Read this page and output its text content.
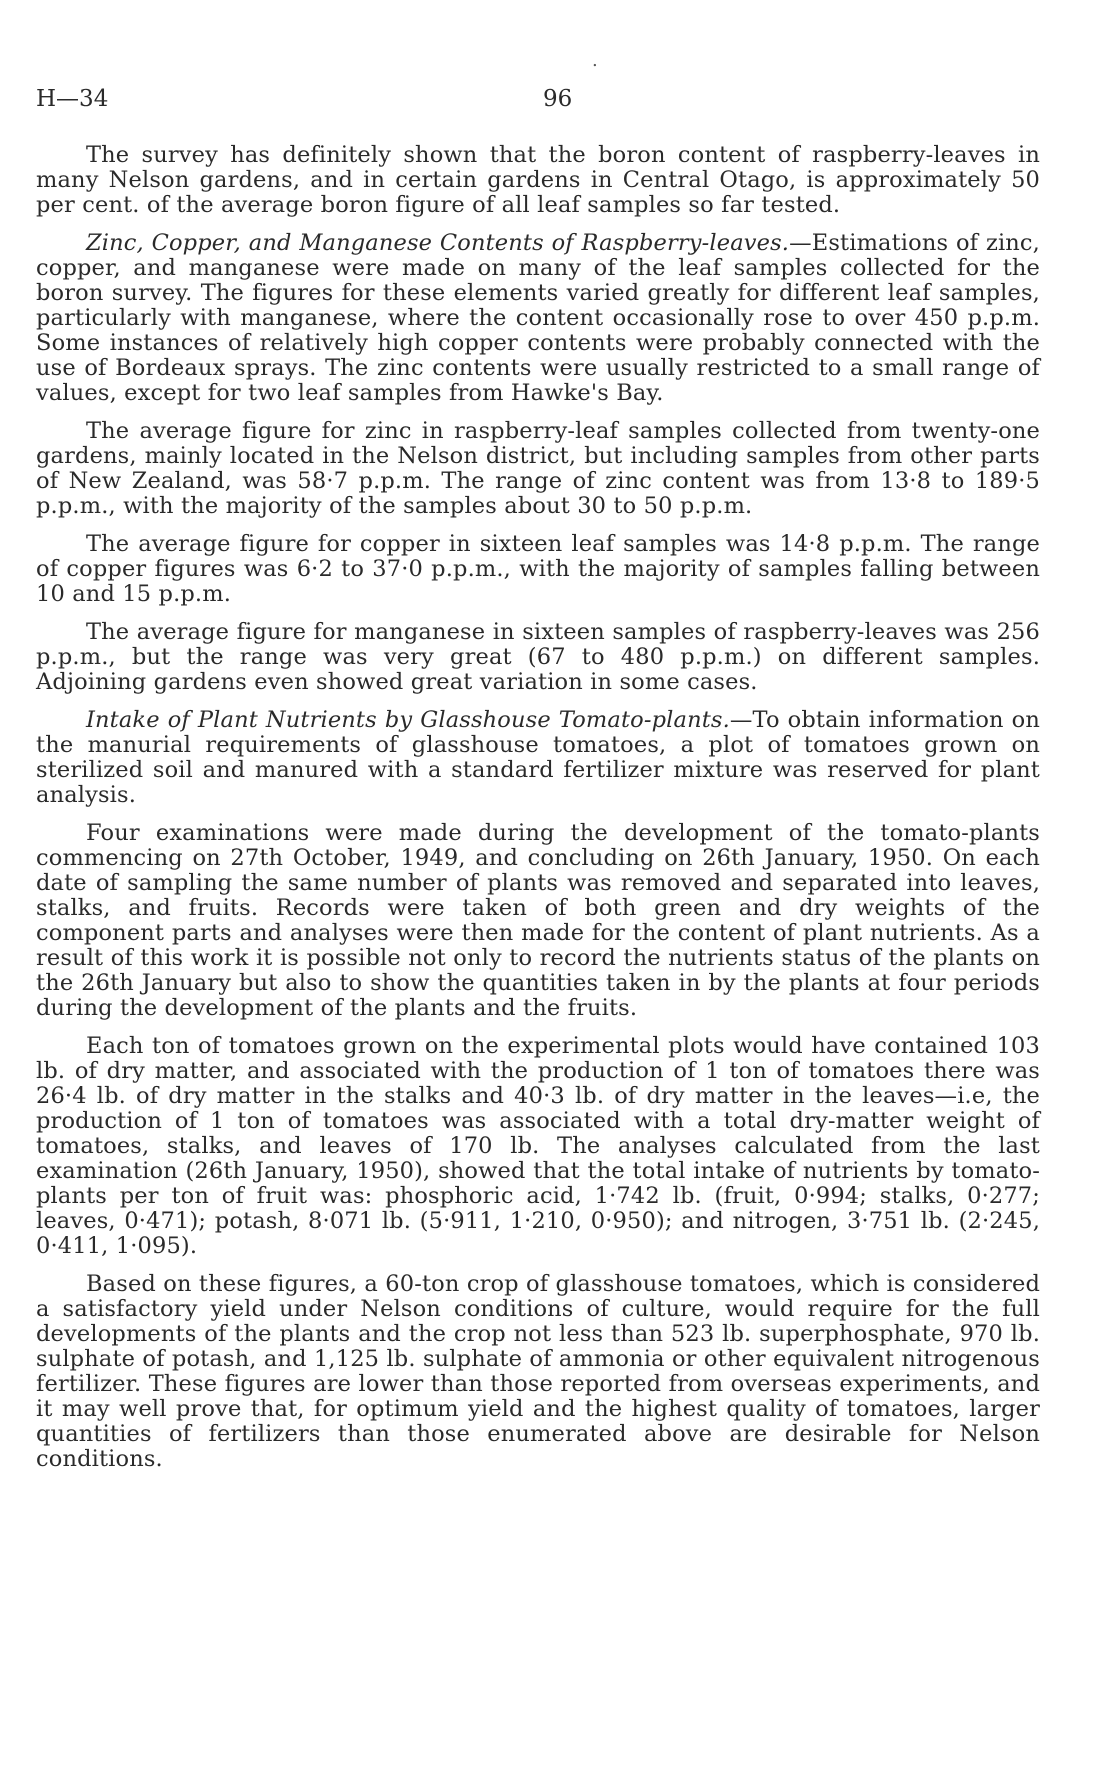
H—34	96
.

The survey has definitely shown that the boron content of raspberry-leaves in many Nelson gardens, and in certain gardens in Central Otago, is approximately 50 per cent. of the average boron figure of all leaf samples so far tested.

Zinc, Copper, and Manganese Contents of Raspberry-leaves.—Estimations of zinc, copper, and manganese were made on many of the leaf samples collected for the boron survey. The figures for these elements varied greatly for different leaf samples, particularly with manganese, where the content occasionally rose to over 450 p.p.m. Some instances of relatively high copper contents were probably connected with the use of Bordeaux sprays. The zinc contents were usually restricted to a small range of values, except for two leaf samples from Hawke's Bay.

The average figure for zinc in raspberry-leaf samples collected from twenty-one gardens, mainly located in the Nelson district, but including samples from other parts of New Zealand, was 58·7 p.p.m. The range of zinc content was from 13·8 to 189·5 p.p.m., with the majority of the samples about 30 to 50 p.p.m.

The average figure for copper in sixteen leaf samples was 14·8 p.p.m. The range of copper figures was 6·2 to 37·0 p.p.m., with the majority of samples falling between 10 and 15 p.p.m.

The average figure for manganese in sixteen samples of raspberry-leaves was 256 p.p.m., but the range was very great (67 to 480 p.p.m.) on different samples. Adjoining gardens even showed great variation in some cases.

Intake of Plant Nutrients by Glasshouse Tomato-plants.—To obtain information on the manurial requirements of glasshouse tomatoes, a plot of tomatoes grown on sterilized soil and manured with a standard fertilizer mixture was reserved for plant analysis.

Four examinations were made during the development of the tomato-plants commencing on 27th October, 1949, and concluding on 26th January, 1950. On each date of sampling the same number of plants was removed and separated into leaves, stalks, and fruits. Records were taken of both green and dry weights of the component parts and analyses were then made for the content of plant nutrients. As a result of this work it is possible not only to record the nutrients status of the plants on the 26th January but also to show the quantities taken in by the plants at four periods during the development of the plants and the fruits.

Each ton of tomatoes grown on the experimental plots would have contained 103 lb. of dry matter, and associated with the production of 1 ton of tomatoes there was 26·4 lb. of dry matter in the stalks and 40·3 lb. of dry matter in the leaves—i.e, the production of 1 ton of tomatoes was associated with a total dry-matter weight of tomatoes, stalks, and leaves of 170 lb. The analyses calculated from the last examination (26th January, 1950), showed that the total intake of nutrients by tomato-plants per ton of fruit was: phosphoric acid, 1·742 lb. (fruit, 0·994; stalks, 0·277; leaves, 0·471); potash, 8·071 lb. (5·911, 1·210, 0·950); and nitrogen, 3·751 lb. (2·245, 0·411, 1·095).

Based on these figures, a 60-ton crop of glasshouse tomatoes, which is considered a satisfactory yield under Nelson conditions of culture, would require for the full developments of the plants and the crop not less than 523 lb. superphosphate, 970 lb. sulphate of potash, and 1,125 lb. sulphate of ammonia or other equivalent nitrogenous fertilizer. These figures are lower than those reported from overseas experiments, and it may well prove that, for optimum yield and the highest quality of tomatoes, larger quantities of fertilizers than those enumerated above are desirable for Nelson conditions.
